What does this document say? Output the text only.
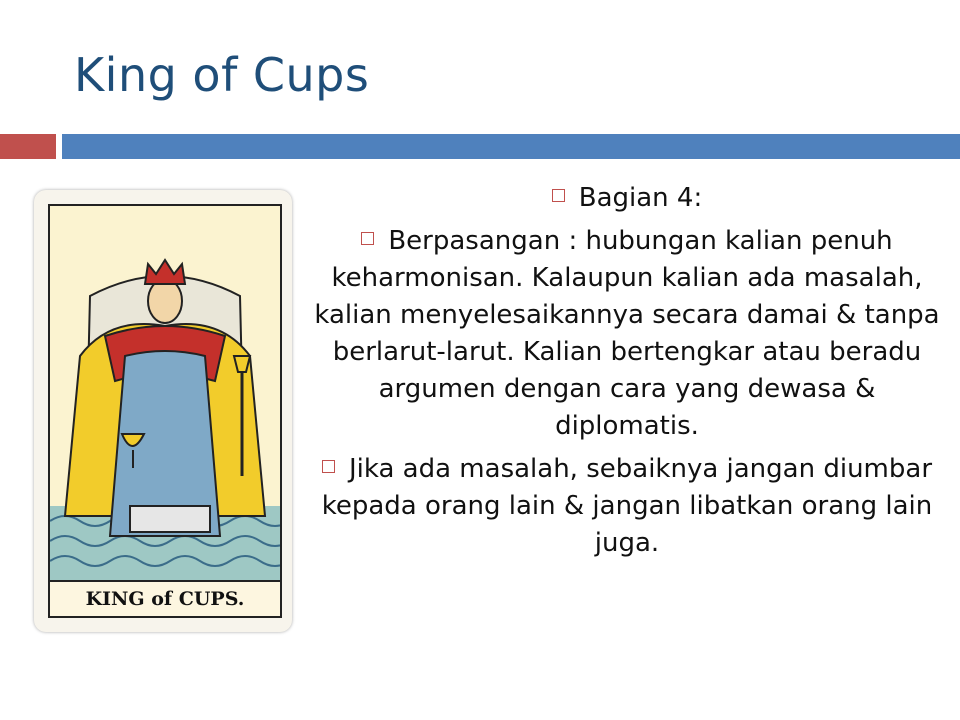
King of Cups
KING of CUPS.
Bagian 4:
Berpasangan : hubungan kalian penuh keharmonisan. Kalaupun kalian ada masalah, kalian menyelesaikannya secara damai & tanpa berlarut-larut. Kalian bertengkar atau beradu argumen dengan cara yang dewasa & diplomatis.
Jika ada masalah, sebaiknya jangan diumbar kepada orang lain & jangan libatkan orang lain juga.
